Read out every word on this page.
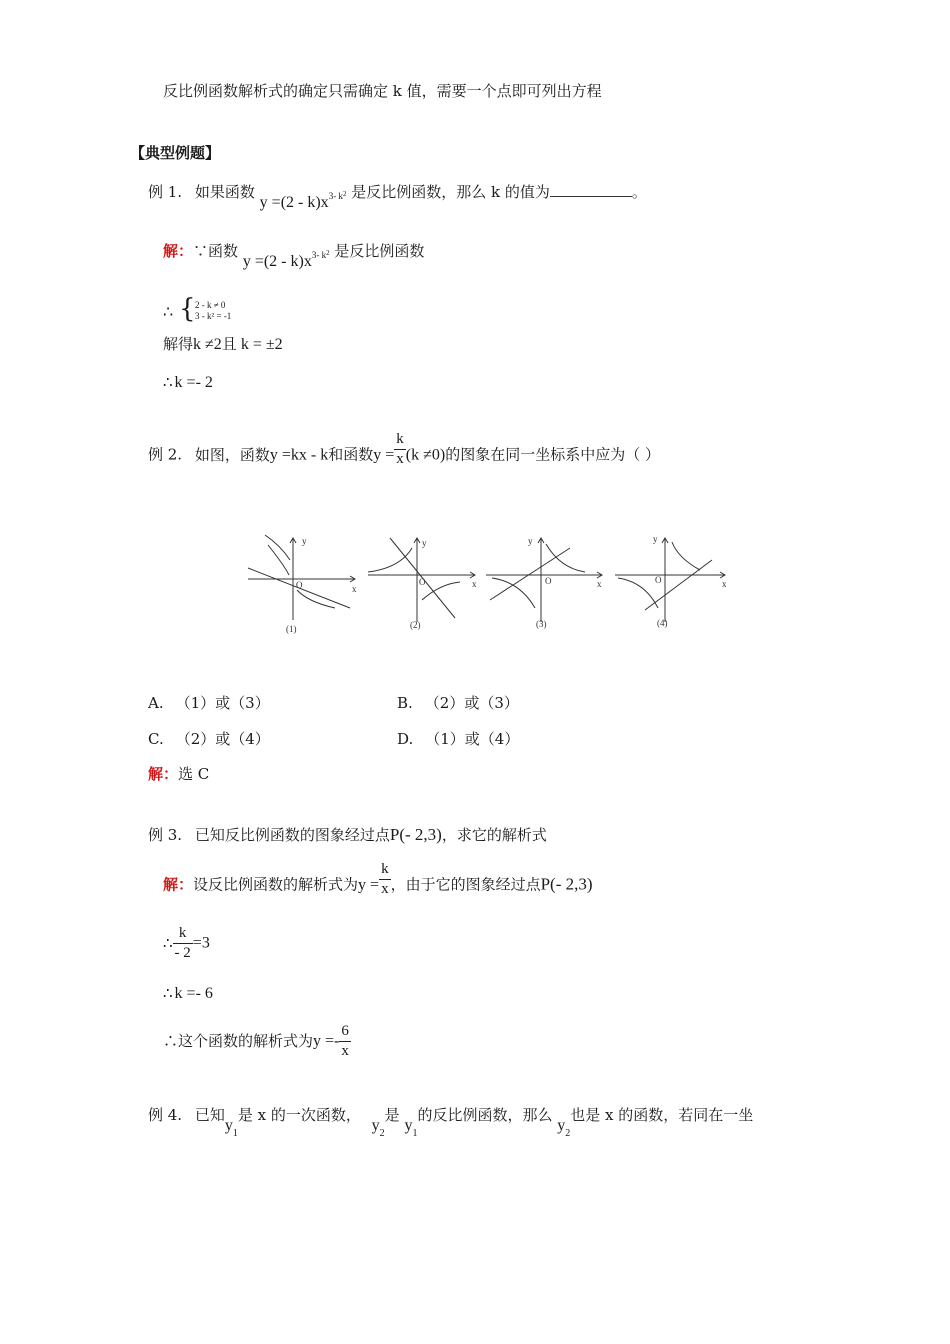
反比例函数解析式的确定只需确定 k 值，需要一个点即可列出方程
【典型例题】
例 1. 如果函数 $y =(2 - k)x^{3- k^2}$ 是反比例函数，那么 k 的值为	。
解：∵函数 $y =(2 - k)x^{3- k^2}$ 是反比例函数
∴ { 2 - k ≠ 0
3 - k² = -1
解得k ≠2且 k = ±2
∴ k =- 2
例 2. 如图，函数y =kx - k和函数$y = \frac{k}{x} (k \ne 0)$的图象在同一坐标系中应为（ ）
y
x
O
(1)
y
x
O
(2)
y
x
O
(3)
y
x
O
(4)
A. （1）或（3）	B. （2）或（3）
C. （2）或（4）	D. （1）或（4）
解：选 C
例 3. 已知反比例函数的图象经过点P(- 2,3)，求它的解析式
解：设反比例函数的解析式为$y = \frac{k}{x}$ ，由于它的图象经过点P(- 2,3)
∴ $\frac{k}{- 2} =3$
∴ k =- 6
∴这个函数的解析式为$y =- \frac{6}{x}$
例 4. 已知$y_1$是 x 的一次函数， $y_2$是 $y_1$的反比例函数，那么 $y_2$也是 x 的函数，若同在一坐
